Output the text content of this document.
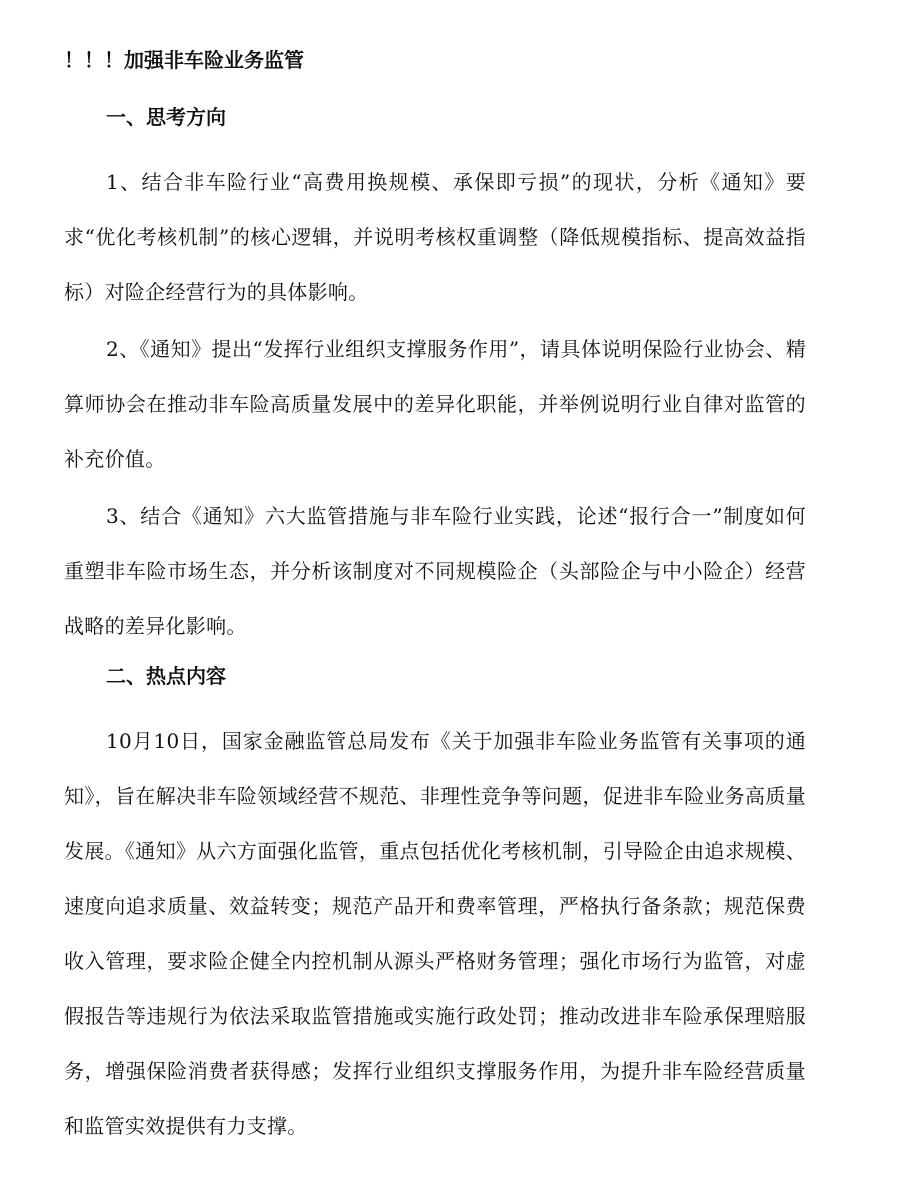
！！！加强非车险业务监管
一、思考方向

1、结合非车险行业“高费用换规模、承保即亏损”的现状，分析《通知》要求“优化考核机制”的核心逻辑，并说明考核权重调整（降低规模指标、提高效益指标）对险企经营行为的具体影响。

2、《通知》提出“发挥行业组织支撑服务作用”，请具体说明保险行业协会、精算师协会在推动非车险高质量发展中的差异化职能，并举例说明行业自律对监管的补充价值。

3、结合《通知》六大监管措施与非车险行业实践，论述“报行合一”制度如何重塑非车险市场生态，并分析该制度对不同规模险企（头部险企与中小险企）经营战略的差异化影响。

二、热点内容

10月10日，国家金融监管总局发布《关于加强非车险业务监管有关事项的通知》，旨在解决非车险领域经营不规范、非理性竞争等问题，促进非车险业务高质量发展。《通知》从六方面强化监管，重点包括优化考核机制，引导险企由追求规模、速度向追求质量、效益转变；规范产品开和费率管理，严格执行备条款；规范保费收入管理，要求险企健全内控机制从源头严格财务管理；强化市场行为监管，对虚假报告等违规行为依法采取监管措施或实施行政处罚；推动改进非车险承保理赔服务，增强保险消费者获得感；发挥行业组织支撑服务作用，为提升非车险经营质量和监管实效提供有力支撑。
